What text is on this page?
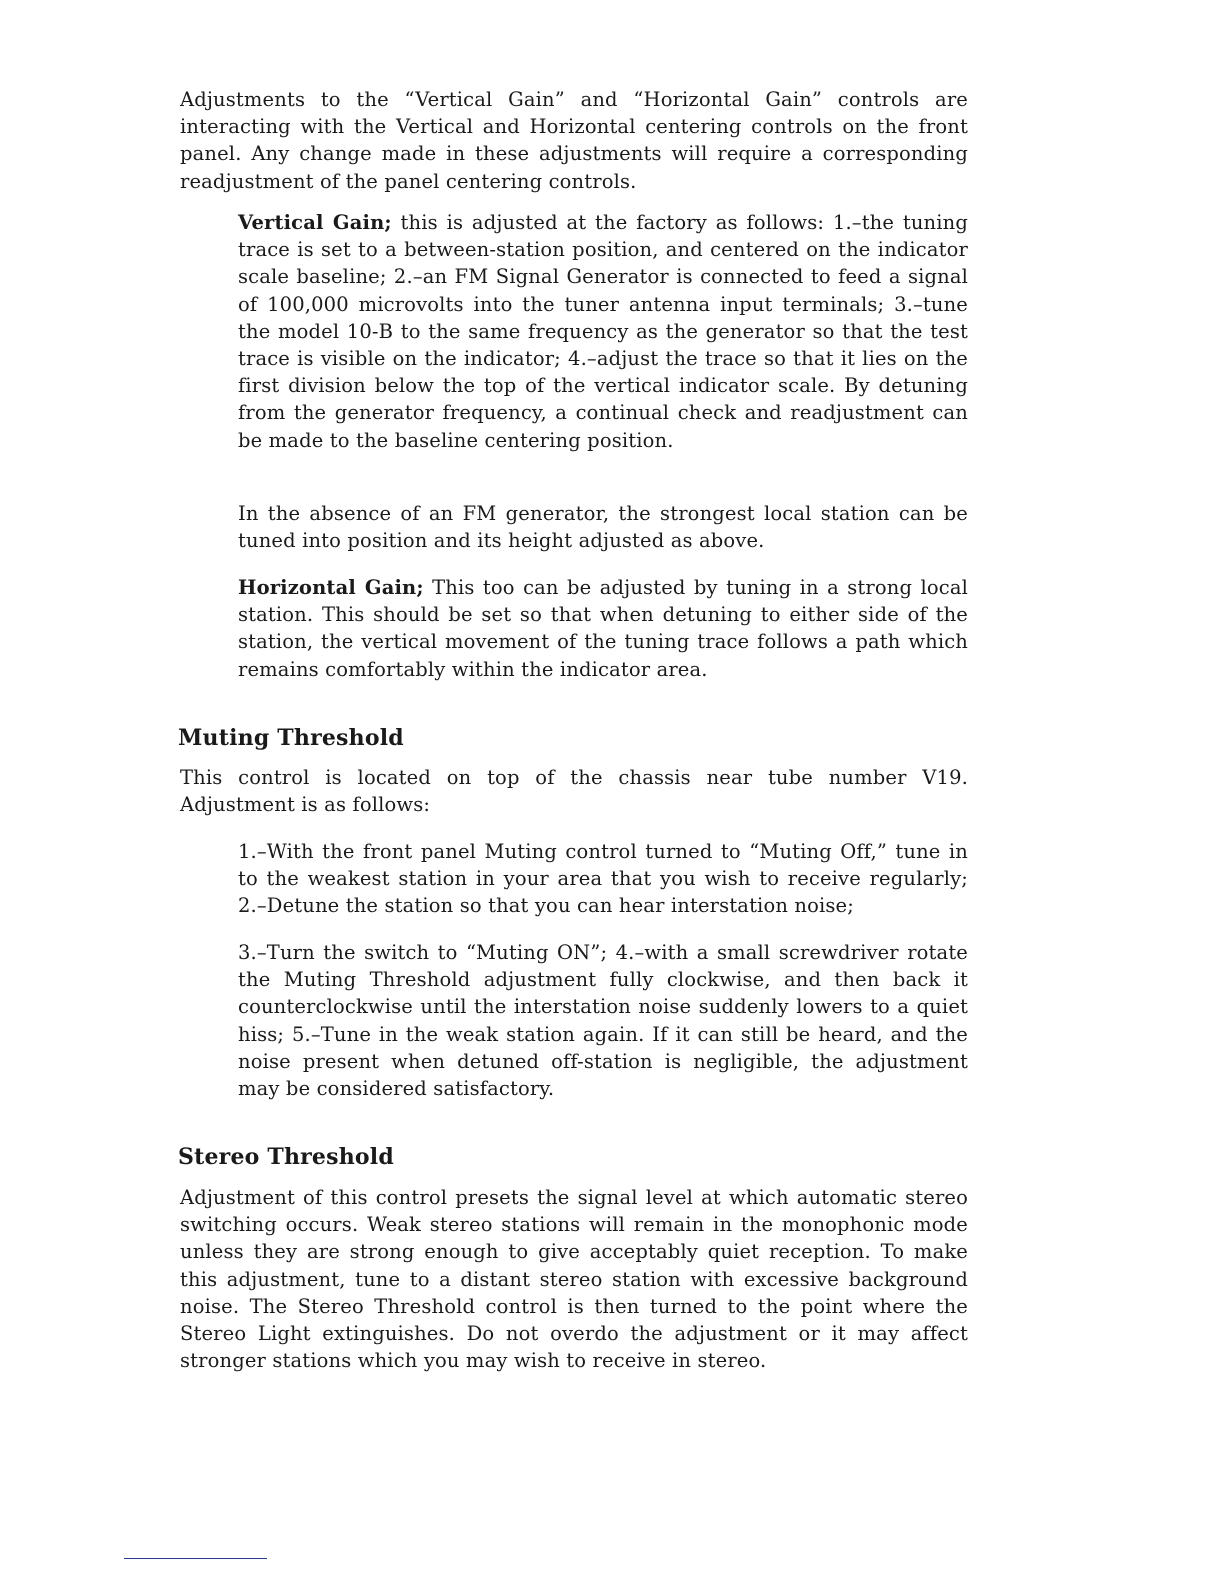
Adjustments to the “Vertical Gain” and “Horizontal Gain” controls are interacting with the Vertical and Horizontal centering controls on the front panel. Any change made in these adjustments will require a corresponding readjustment of the panel centering controls.

Vertical Gain; this is adjusted at the factory as follows: 1.–the tuning trace is set to a between-station position, and centered on the indicator scale baseline; 2.–an FM Signal Generator is connected to feed a signal of 100,000 microvolts into the tuner antenna input terminals; 3.–tune the model 10-B to the same frequency as the generator so that the test trace is visible on the indicator; 4.–adjust the trace so that it lies on the first division below the top of the vertical indicator scale. By detuning from the generator frequency, a continual check and readjustment can be made to the baseline centering position.

In the absence of an FM generator, the strongest local station can be tuned into position and its height adjusted as above.

Horizontal Gain; This too can be adjusted by tuning in a strong local station. This should be set so that when detuning to either side of the station, the vertical movement of the tuning trace follows a path which remains comfortably within the indicator area.

Muting Threshold

This control is located on top of the chassis near tube number V19. Adjustment is as follows:

1.–With the front panel Muting control turned to “Muting Off,” tune in to the weakest station in your area that you wish to receive regularly; 2.–Detune the station so that you can hear interstation noise;

3.–Turn the switch to “Muting ON”; 4.–with a small screwdriver rotate the Muting Threshold adjustment fully clockwise, and then back it counterclockwise until the interstation noise suddenly lowers to a quiet hiss; 5.–Tune in the weak station again. If it can still be heard, and the noise present when detuned off-station is negligible, the adjustment may be considered satisfactory.

Stereo Threshold

Adjustment of this control presets the signal level at which automatic stereo switching occurs. Weak stereo stations will remain in the monophonic mode unless they are strong enough to give acceptably quiet reception. To make this adjustment, tune to a distant stereo station with excessive background noise. The Stereo Threshold control is then turned to the point where the Stereo Light extinguishes. Do not overdo the adjustment or it may affect stronger stations which you may wish to receive in stereo.
